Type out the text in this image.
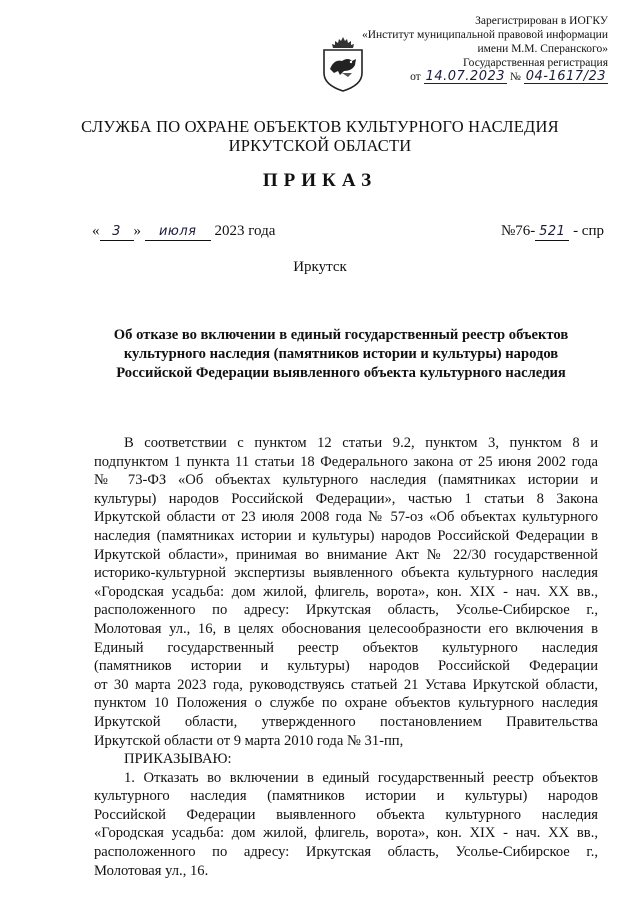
Зарегистрирован в ИОГКУ
«Институт муниципальной правовой информации
имени М.М. Сперанского»
Государственная регистрация
от 14.07.2023 № 04-1617/23
СЛУЖБА ПО ОХРАНЕ ОБЪЕКТОВ КУЛЬТУРНОГО НАСЛЕДИЯ
ИРКУТСКОЙ ОБЛАСТИ
ПРИКАЗ
« 3 » июля 2023 года	№76- 521 - спр
Иркутск
Об отказе во включении в единый государственный реестр объектов
культурного наследия (памятников истории и культуры) народов
Российской Федерации выявленного объекта культурного наследия
В соответствии с пунктом 12 статьи 9.2, пунктом 3, пунктом 8 и
подпунктом 1 пункта 11 статьи 18 Федерального закона от 25 июня 2002 года
№ 73-ФЗ «Об объектах культурного наследия (памятниках истории и
культуры) народов Российской Федерации», частью 1 статьи 8 Закона
Иркутской области от 23 июля 2008 года № 57-оз «Об объектах культурного
наследия (памятниках истории и культуры) народов Российской Федерации в
Иркутской области», принимая во внимание Акт № 22/30 государственной
историко-культурной экспертизы выявленного объекта культурного наследия
«Городская усадьба: дом жилой, флигель, ворота», кон. XIX - нач. XX вв.,
расположенного по адресу: Иркутская область, Усолье-Сибирское г.,
Молотовая ул., 16, в целях обоснования целесообразности его включения в
Единый государственный реестр объектов культурного наследия
(памятников истории и культуры) народов Российской Федерации
от 30 марта 2023 года, руководствуясь статьей 21 Устава Иркутской области,
пунктом 10 Положения о службе по охране объектов культурного наследия
Иркутской области, утвержденного постановлением Правительства
Иркутской области от 9 марта 2010 года № 31-пп,
ПРИКАЗЫВАЮ:
1. Отказать во включении в единый государственный реестр объектов
культурного наследия (памятников истории и культуры) народов
Российской Федерации выявленного объекта культурного наследия
«Городская усадьба: дом жилой, флигель, ворота», кон. XIX - нач. XX вв.,
расположенного по адресу: Иркутская область, Усолье-Сибирское г.,
Молотовая ул., 16.
